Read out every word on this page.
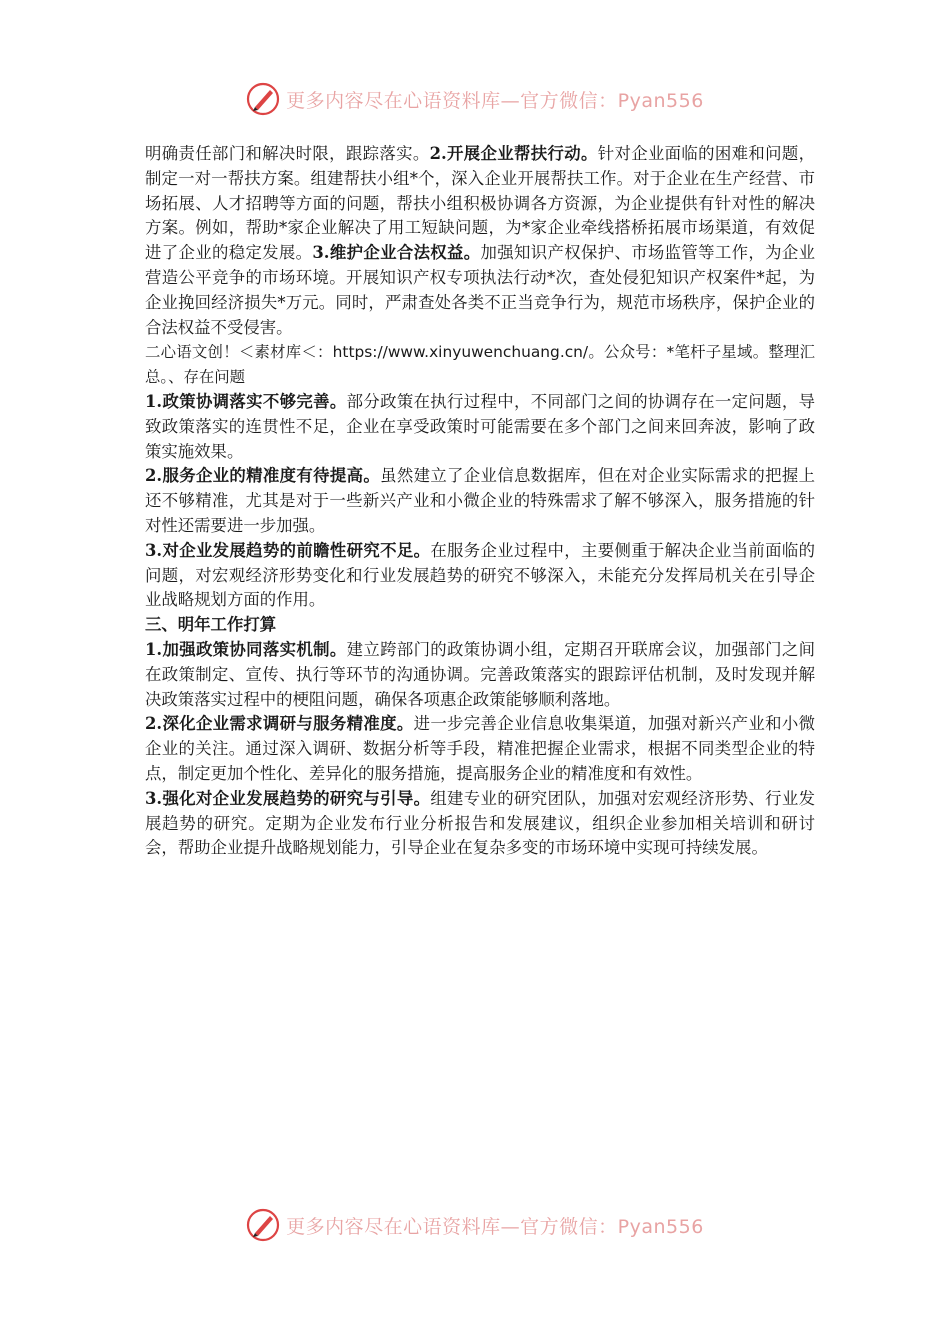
更多内容尽在心语资料库—官方微信：Pyan556

明确责任部门和解决时限，跟踪落实。2.开展企业帮扶行动。针对企业面临的困难和问题，制定一对一帮扶方案。组建帮扶小组*个，深入企业开展帮扶工作。对于企业在生产经营、市场拓展、人才招聘等方面的问题，帮扶小组积极协调各方资源，为企业提供有针对性的解决方案。例如，帮助*家企业解决了用工短缺问题，为*家企业牵线搭桥拓展市场渠道，有效促进了企业的稳定发展。3.维护企业合法权益。加强知识产权保护、市场监管等工作，为企业营造公平竞争的市场环境。开展知识产权专项执法行动*次，查处侵犯知识产权案件*起，为企业挽回经济损失*万元。同时，严肃查处各类不正当竞争行为，规范市场秩序，保护企业的合法权益不受侵害。

二心语文创！＜素材库＜：https://www.xinyuwenchuang.cn/。公众号：*笔杆子星域。整理汇总。、存在问题

1.政策协调落实不够完善。部分政策在执行过程中，不同部门之间的协调存在一定问题，导致政策落实的连贯性不足，企业在享受政策时可能需要在多个部门之间来回奔波，影响了政策实施效果。

2.服务企业的精准度有待提高。虽然建立了企业信息数据库，但在对企业实际需求的把握上还不够精准，尤其是对于一些新兴产业和小微企业的特殊需求了解不够深入，服务措施的针对性还需要进一步加强。

3.对企业发展趋势的前瞻性研究不足。在服务企业过程中，主要侧重于解决企业当前面临的问题，对宏观经济形势变化和行业发展趋势的研究不够深入，未能充分发挥局机关在引导企业战略规划方面的作用。

三、明年工作打算

1.加强政策协同落实机制。建立跨部门的政策协调小组，定期召开联席会议，加强部门之间在政策制定、宣传、执行等环节的沟通协调。完善政策落实的跟踪评估机制，及时发现并解决政策落实过程中的梗阻问题，确保各项惠企政策能够顺利落地。

2.深化企业需求调研与服务精准度。进一步完善企业信息收集渠道，加强对新兴产业和小微企业的关注。通过深入调研、数据分析等手段，精准把握企业需求，根据不同类型企业的特点，制定更加个性化、差异化的服务措施，提高服务企业的精准度和有效性。

3.强化对企业发展趋势的研究与引导。组建专业的研究团队，加强对宏观经济形势、行业发展趋势的研究。定期为企业发布行业分析报告和发展建议，组织企业参加相关培训和研讨会，帮助企业提升战略规划能力，引导企业在复杂多变的市场环境中实现可持续发展。

更多内容尽在心语资料库—官方微信：Pyan556
